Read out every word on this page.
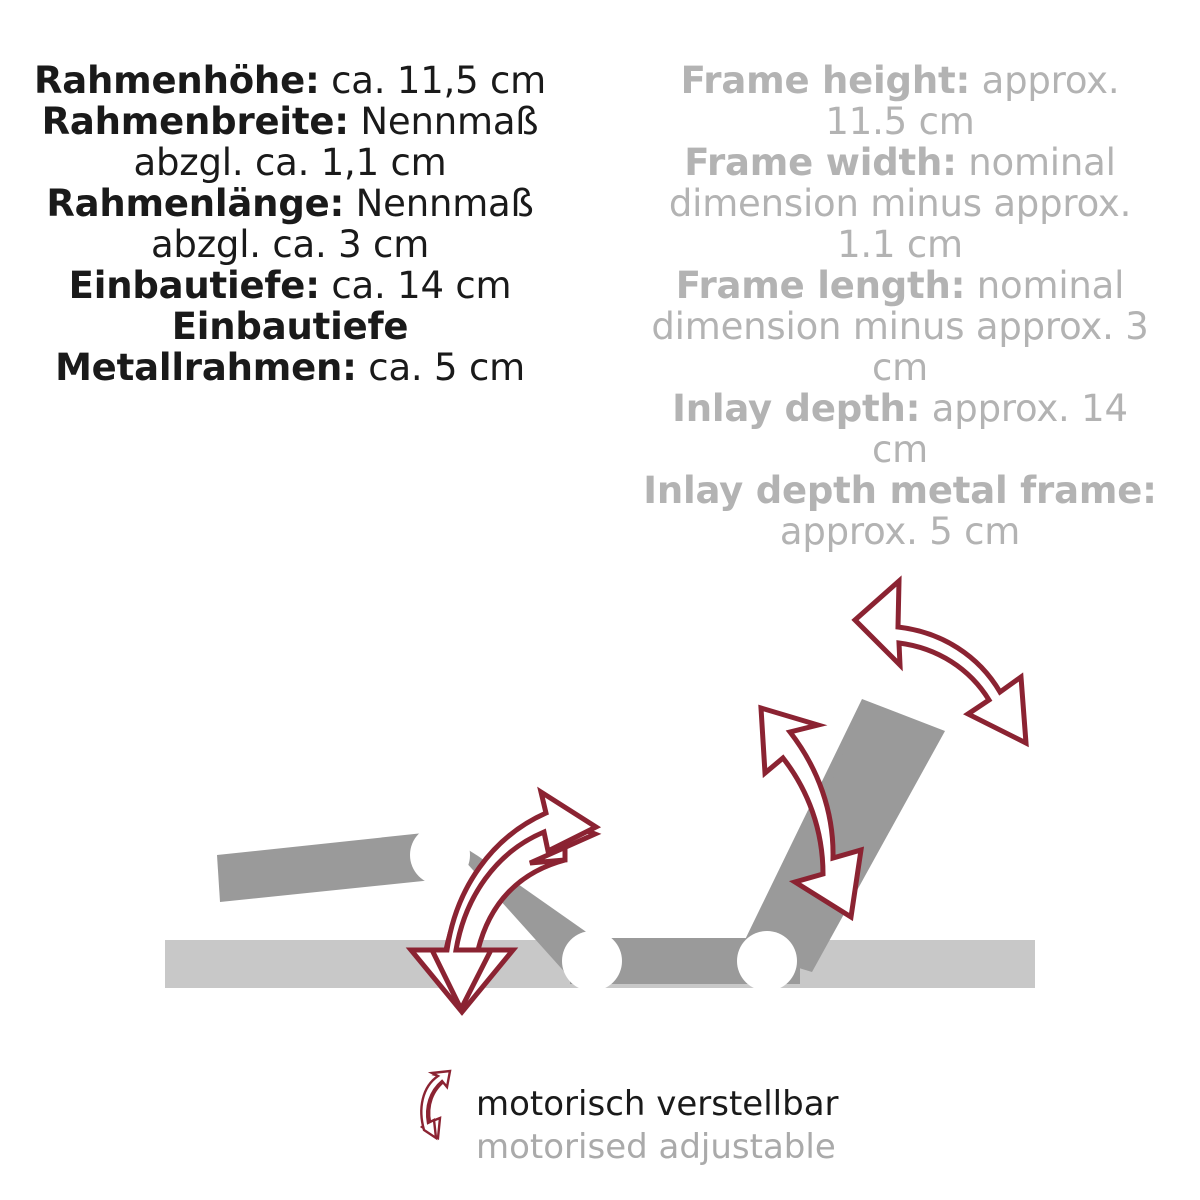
Rahmenhöhe: ca. 11,5 cm
Rahmenbreite: Nennmaß abzgl. ca. 1,1 cm
Rahmenlänge: Nennmaß abzgl. ca. 3 cm
Einbautiefe: ca. 14 cm
Einbautiefe Metallrahmen: ca. 5 cm
Frame height: approx. 11.5 cm
Frame width: nominal dimension minus approx. 1.1 cm
Frame length: nominal dimension minus approx. 3 cm
Inlay depth: approx. 14 cm
Inlay depth metal frame: approx. 5 cm
motorisch verstellbar
motorised adjustable
